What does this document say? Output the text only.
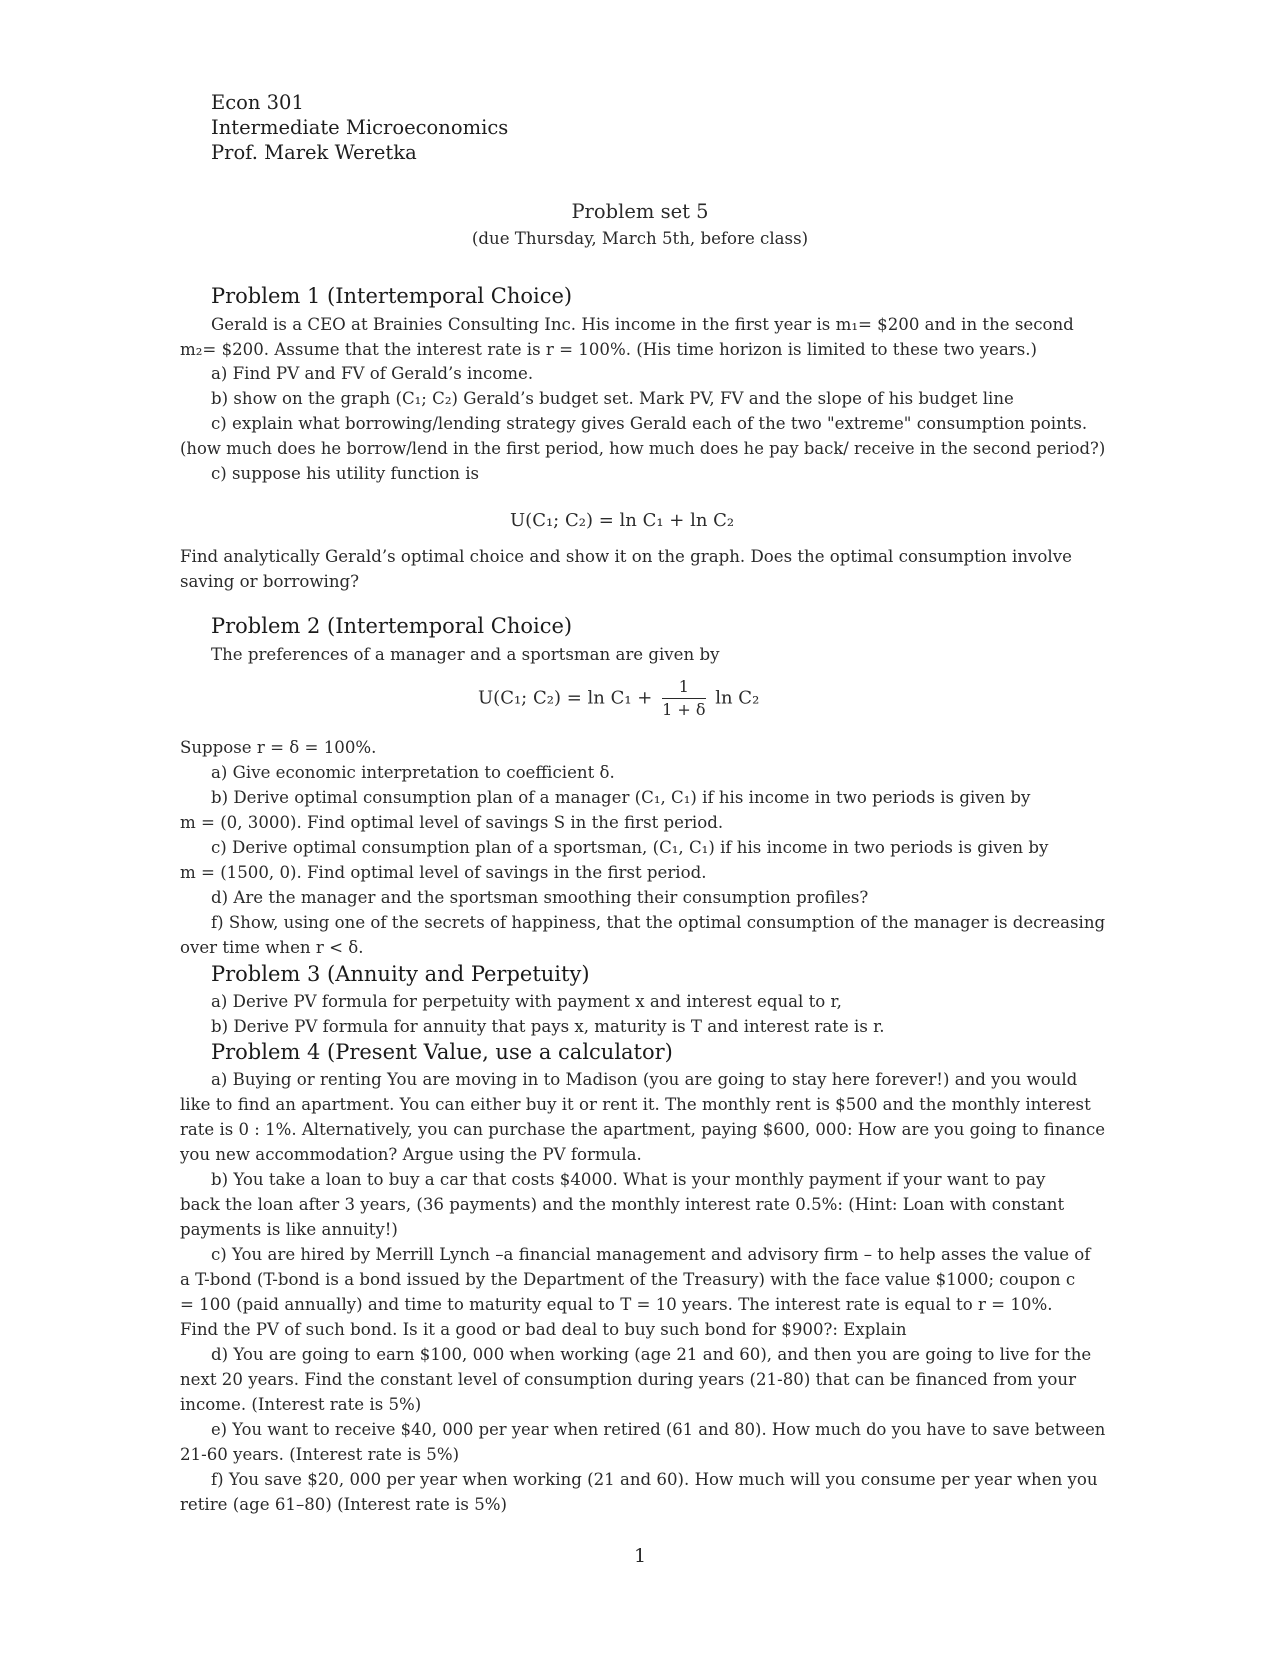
Econ 301
Intermediate Microeconomics
Prof. Marek Weretka
Problem set 5
(due Thursday, March 5th, before class)
Problem 1 (Intertemporal Choice)
Gerald is a CEO at Brainies Consulting Inc. His income in the first year is m₁= $200 and in the second
m₂= $200. Assume that the interest rate is r = 100%. (His time horizon is limited to these two years.)
a) Find PV and FV of Gerald’s income.
b) show on the graph (C₁; C₂) Gerald’s budget set. Mark PV, FV and the slope of his budget line
c) explain what borrowing/lending strategy gives Gerald each of the two "extreme" consumption points.
(how much does he borrow/lend in the first period, how much does he pay back/ receive in the second period?)
c) suppose his utility function is
U(C₁; C₂) = ln C₁ + ln C₂
Find analytically Gerald’s optimal choice and show it on the graph. Does the optimal consumption involve
saving or borrowing?
Problem 2 (Intertemporal Choice)
The preferences of a manager and a sportsman are given by
U(C₁; $C_2) = \ln C_1 + \frac{1}{1 + \delta}$ ln C₂
Suppose r = δ = 100%.
a) Give economic interpretation to coefficient δ.
b) Derive optimal consumption plan of a manager (C₁, C₁) if his income in two periods is given by
m = (0, 3000). Find optimal level of savings S in the first period.
c) Derive optimal consumption plan of a sportsman, (C₁, C₁) if his income in two periods is given by
m = (1500, 0). Find optimal level of savings in the first period.
d) Are the manager and the sportsman smoothing their consumption profiles?
f) Show, using one of the secrets of happiness, that the optimal consumption of the manager is decreasing
over time when r < δ.
Problem 3 (Annuity and Perpetuity)
a) Derive PV formula for perpetuity with payment x and interest equal to r,
b) Derive PV formula for annuity that pays x, maturity is T and interest rate is r.
Problem 4 (Present Value, use a calculator)
a) Buying or renting You are moving in to Madison (you are going to stay here forever!) and you would
like to find an apartment. You can either buy it or rent it. The monthly rent is $500 and the monthly interest
rate is 0 : 1%. Alternatively, you can purchase the apartment, paying $600, 000: How are you going to finance
you new accommodation? Argue using the PV formula.
b) You take a loan to buy a car that costs $4000. What is your monthly payment if your want to pay
back the loan after 3 years, (36 payments) and the monthly interest rate 0.5%: (Hint: Loan with constant
payments is like annuity!)
c) You are hired by Merrill Lynch –a financial management and advisory firm – to help asses the value of
a T-bond (T-bond is a bond issued by the Department of the Treasury) with the face value $1000; coupon c
= 100 (paid annually) and time to maturity equal to T = 10 years. The interest rate is equal to r = 10%.
Find the PV of such bond. Is it a good or bad deal to buy such bond for $900?: Explain
d) You are going to earn $100, 000 when working (age 21 and 60), and then you are going to live for the
next 20 years. Find the constant level of consumption during years (21-80) that can be financed from your
income. (Interest rate is 5%)
e) You want to receive $40, 000 per year when retired (61 and 80). How much do you have to save between
21-60 years. (Interest rate is 5%)
f) You save $20, 000 per year when working (21 and 60). How much will you consume per year when you
retire (age 61–80) (Interest rate is 5%)
1
